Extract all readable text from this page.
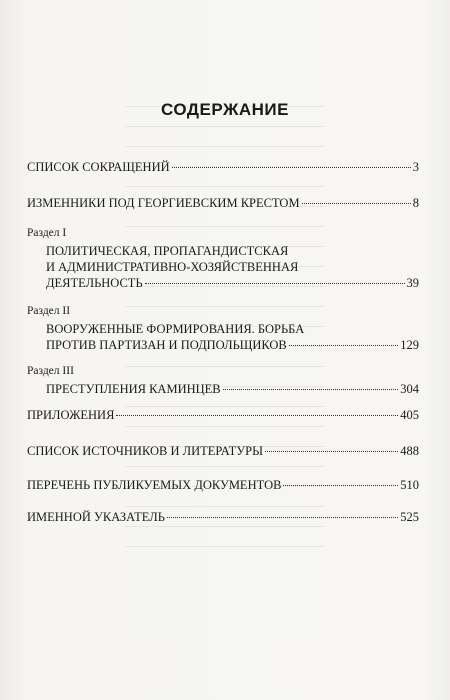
СОДЕРЖАНИЕ
СПИСОК СОКРАЩЕНИЙ	3
ИЗМЕННИКИ ПОД ГЕОРГИЕВСКИМ КРЕСТОМ	8
Раздел I
ПОЛИТИЧЕСКАЯ, ПРОПАГАНДИСТСКАЯ
И АДМИНИСТРАТИВНО-ХОЗЯЙСТВЕННАЯ
ДЕЯТЕЛЬНОСТЬ	39
Раздел II
ВООРУЖЕННЫЕ ФОРМИРОВАНИЯ. БОРЬБА
ПРОТИВ ПАРТИЗАН И ПОДПОЛЬЩИКОВ	129
Раздел III
ПРЕСТУПЛЕНИЯ КАМИНЦЕВ	304
ПРИЛОЖЕНИЯ	405
СПИСОК ИСТОЧНИКОВ И ЛИТЕРАТУРЫ	488
ПЕРЕЧЕНЬ ПУБЛИКУЕМЫХ ДОКУМЕНТОВ	510
ИМЕННОЙ УКАЗАТЕЛЬ	525
